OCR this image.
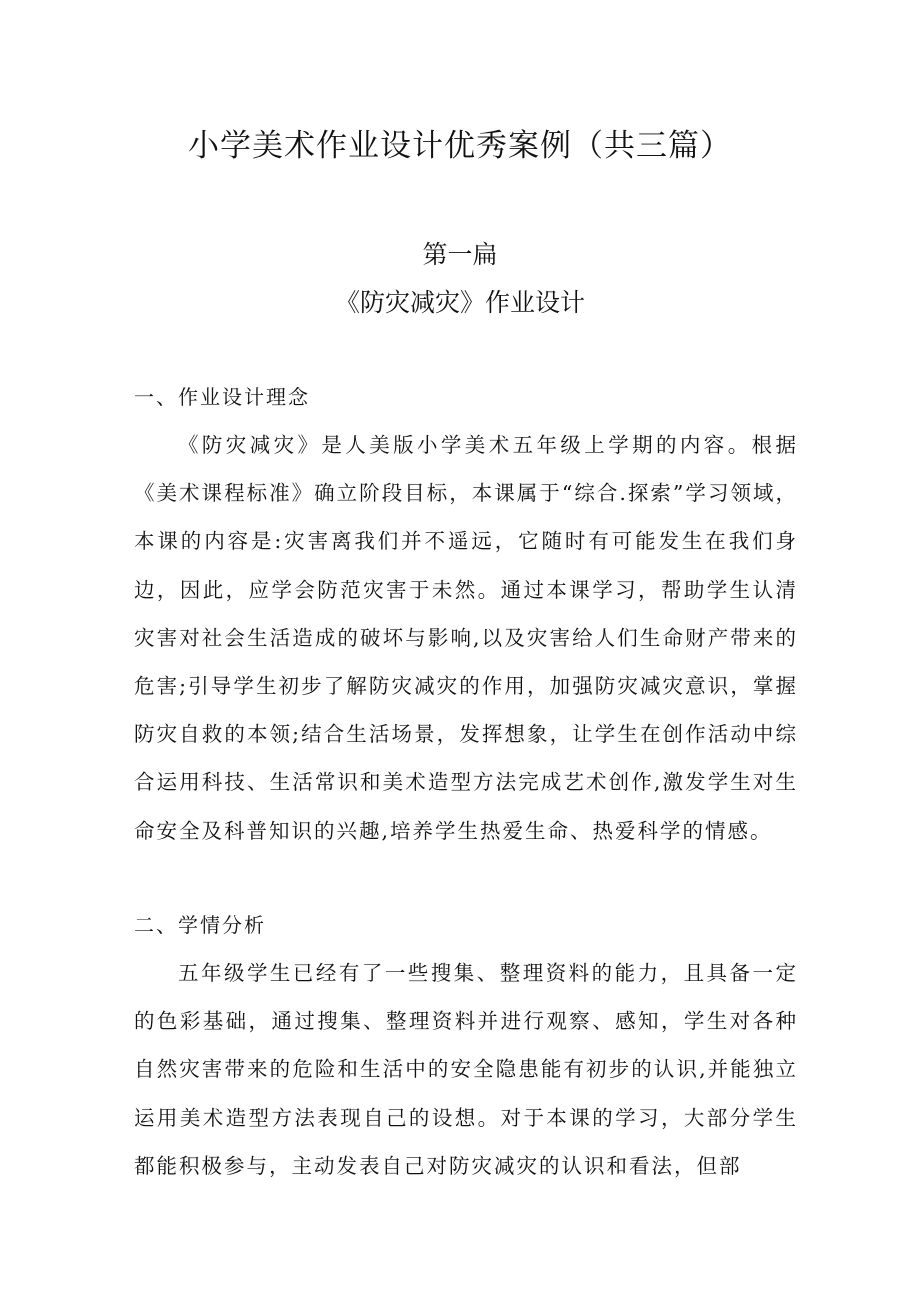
小学美术作业设计优秀案例（共三篇）
第一扁
《防灾减灾》作业设计
一、作业设计理念

《防灾减灾》是人美版小学美术五年级上学期的内容。根据《美术课程标准》确立阶段目标，本课属于“综合.探索”学习领域，本课的内容是:灾害离我们并不遥远，它随时有可能发生在我们身边，因此，应学会防范灾害于未然。通过本课学习，帮助学生认清灾害对社会生活造成的破坏与影响,以及灾害给人们生命财产带来的危害;引导学生初步了解防灾减灾的作用，加强防灾减灾意识，掌握防灾自救的本领;结合生活场景，发挥想象，让学生在创作活动中综合运用科技、生活常识和美术造型方法完成艺术创作,激发学生对生命安全及科普知识的兴趣,培养学生热爱生命、热爱科学的情感。

二、学情分析

五年级学生已经有了一些搜集、整理资料的能力，且具备一定的色彩基础，通过搜集、整理资料并进行观察、感知，学生对各种自然灾害带来的危险和生活中的安全隐患能有初步的认识,并能独立运用美术造型方法表现自己的设想。对于本课的学习，大部分学生都能积极参与，主动发表自己对防灾减灾的认识和看法，但部
